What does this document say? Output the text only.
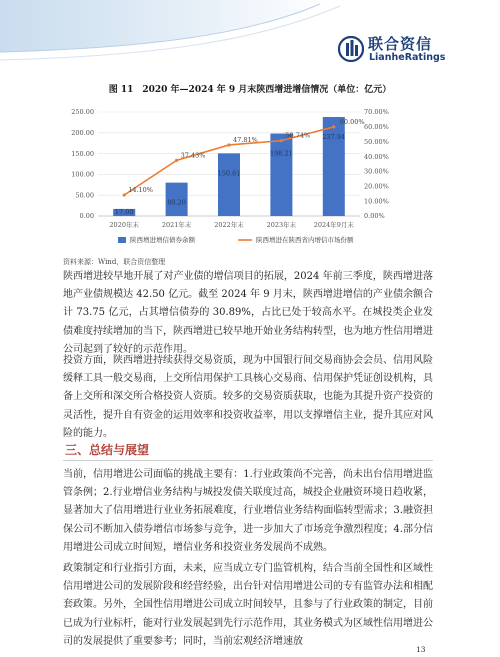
联合资信
LianheRatings
图 11　2020 年—2024 年 9 月末陕西增进增信情况（单位：亿元）
0.00
50.00
100.00
150.00
200.00
250.00
0.00%
10.00%
20.00%
30.00%
40.00%
50.00%
60.00%
70.00%
17.00
80.20
150.61
198.21
237.94
14.10%
37.43%
47.81%
50.74%
60.00%
2020年末	2021年末	2022年末	2023年末	2024年9月末
陕西增进增信债券余额	陕西增进在陕西省内增信市场份额
资料来源：Wind，联合资信整理

陕西增进较早地开展了对产业债的增信项目的拓展，2024 年前三季度，陕西增进落地产业债规模达 42.50 亿元。截至 2024 年 9 月末，陕西增进增信的产业债余额合计 73.75 亿元，占其增信债券的 30.89%，占比已处于较高水平。在城投类企业发债难度持续增加的当下，陕西增进已较早地开始业务结构转型，也为地方性信用增进公司起到了较好的示范作用。

投资方面，陕西增进持续获得交易资质，现为中国银行间交易商协会会员、信用风险缓释工具一般交易商，上交所信用保护工具核心交易商、信用保护凭证创设机构，具备上交所和深交所合格投资人资质。较多的交易资质获取，也能为其提升资产投资的灵活性，提升自有资金的运用效率和投资收益率，用以支撑增信主业，提升其应对风险的能力。

三、总结与展望

当前，信用增进公司面临的挑战主要有：1.行业政策尚不完善，尚未出台信用增进监管条例；2.行业增信业务结构与城投发债关联度过高，城投企业融资环境日趋收紧，显著加大了信用增进行业业务拓展难度，行业增信业务结构面临转型需求；3.融资担保公司不断加入债券增信市场参与竞争，进一步加大了市场竞争激烈程度；4.部分信用增进公司成立时间短，增信业务和投资业务发展尚不成熟。

政策制定和行业指引方面，未来，应当成立专门监管机构，结合当前全国性和区域性信用增进公司的发展阶段和经营经验，出台针对信用增进公司的专有监管办法和相配套政策。另外，全国性信用增进公司成立时间较早，且参与了行业政策的制定，目前已成为行业标杆，能对行业发展起到先行示范作用，其业务模式为区域性信用增进公司的发展提供了重要参考；同时，当前宏观经济增速放

13
